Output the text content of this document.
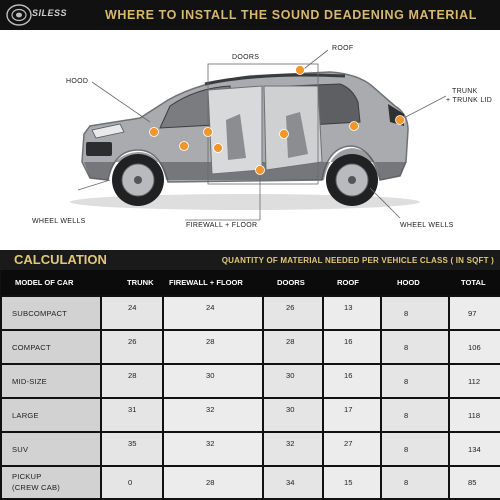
SILESS	WHERE TO INSTALL THE SOUND DEADENING MATERIAL
DOORS
ROOF
HOOD
TRUNK
+ TRUNK LID
WHEEL WELLS
FIREWALL + FLOOR	WHEEL WELLS
CALCULATION	QUANTITY OF MATERIAL NEEDED PER VEHICLE CLASS ( IN SQFT )
MODEL OF CAR	TRUNK	FIREWALL + FLOOR	DOORS	ROOF	HOOD	TOTAL
SUBCOMPACT	24	24	26	13	8	97
COMPACT	26	28	28	16	8	106
MID-SIZE	28	30	30	16	8	112
LARGE	31	32	30	17	8	118
SUV	35	32	32	27	8	134

PICKUP
(CREW CAB)	0	28	34	15	8	85
